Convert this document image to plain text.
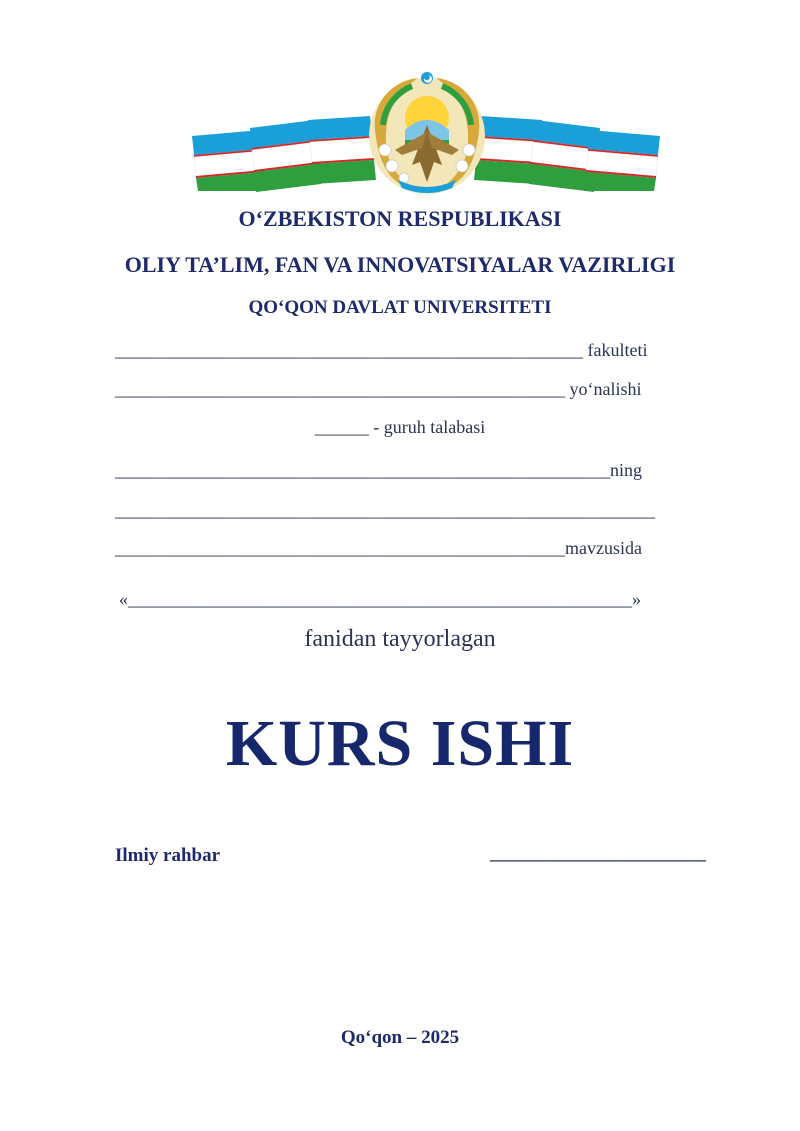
O‘ZBEKISTON RESPUBLIKASI
OLIY TA’LIM, FAN VA INNOVATSIYALAR VAZIRLIGI
QO‘QON DAVLAT UNIVERSITETI
____________________________________________________ fakulteti
__________________________________________________ yo‘nalishi
______ - guruh talabasi
_______________________________________________________ning
____________________________________________________________
__________________________________________________mavzusida
«________________________________________________________»
fanidan tayyorlagan
KURS ISHI
Ilmiy rahbar	________________________
Qo‘qon – 2025
